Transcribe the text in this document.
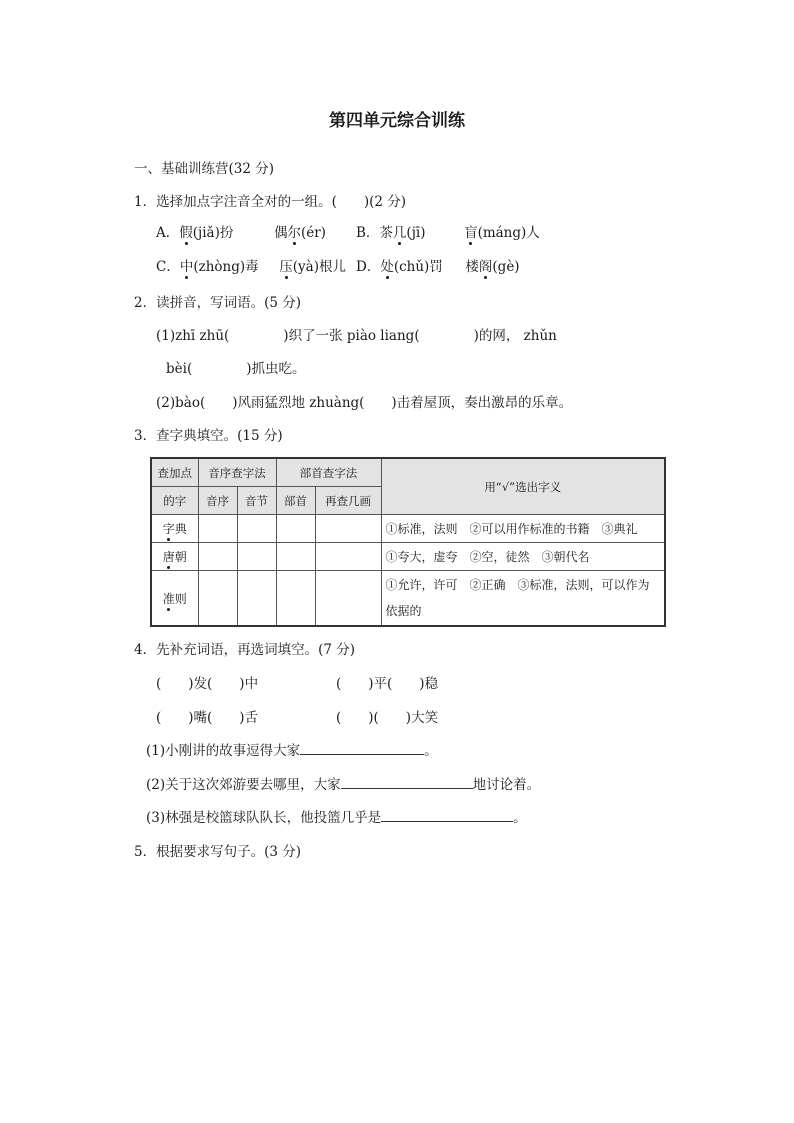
第四单元综合训练
一、基础训练营(32 分)
1．选择加点字注音全对的一组。(　　)(2 分)
A．假(jiǎ)扮	偶尔(ér) B．茶几(jī)	盲(máng)人
C．中(zhòng)毒 压(yà)根儿 D．处(chǔ)罚 楼阁(gè)
2．读拼音，写词语。(5 分)
(1)zhī zhū(　　　　)织了一张 piào liang(　　　　)的网， zhǔn
bèi(　　　　)抓虫吃。
(2)bào(　　)风雨猛烈地 zhuàng(　　)击着屋顶，奏出激昂的乐章。
3．查字典填空。(15 分)
查加点	音序查字法		部首查字法		用“√”选出字义
的字	音序	音节	部首	再查几画	
字典					①标准，法则　②可以用作标准的书籍　③典礼
唐朝					①夸大，虚夸　②空，徒然　③朝代名
准则					①允许，许可　②正确　③标准，法则，可以作为依据的
4．先补充词语，再选词填空。(7 分)
(　　)发(　　)中	(　　)平(　　)稳
(　　)嘴(　　)舌	(　　)(　　)大笑
(1)小刚讲的故事逗得大家	。
(2)关于这次郊游要去哪里，大家	地讨论着。
(3)林强是校篮球队队长，他投篮几乎是	。
5．根据要求写句子。(3 分)
